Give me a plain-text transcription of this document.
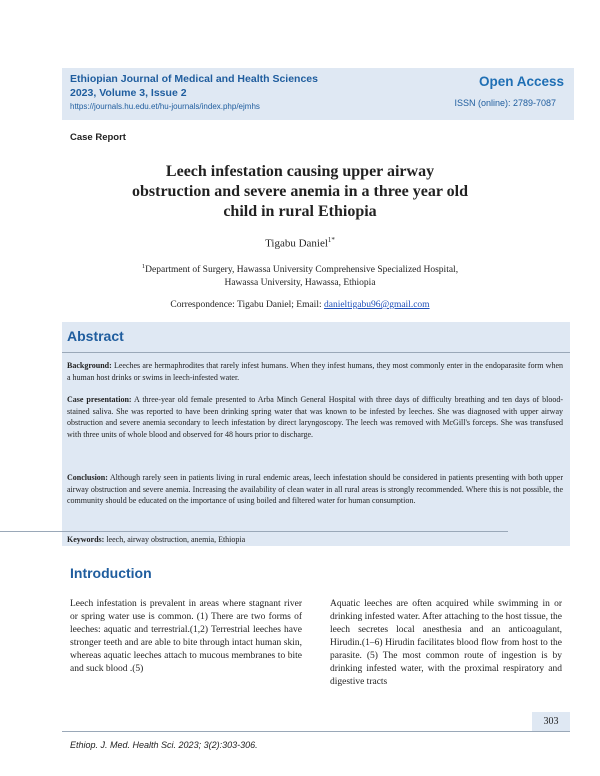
Ethiopian Journal of Medical and Health Sciences
2023, Volume 3, Issue 2
https://journals.hu.edu.et/hu-journals/index.php/ejmhs
Open Access
ISSN (online): 2789-7087
Case Report
Leech infestation causing upper airway
obstruction and severe anemia in a three year old
child in rural Ethiopia
Tigabu Daniel$^{1*}$
$^1$Department of Surgery, Hawassa University Comprehensive Specialized Hospital,
Hawassa University, Hawassa, Ethiopia
Correspondence: Tigabu Daniel; Email: danieltigabu96@gmail.com
Abstract
Background: Leeches are hermaphrodites that rarely infest humans. When they infest humans, they most commonly enter in the endoparasite form when a human host drinks or swims in leech-infested water.
Case presentation: A three-year old female presented to Arba Minch General Hospital with three days of difficulty breathing and ten days of blood-stained saliva. She was reported to have been drinking spring water that was known to be infested by leeches. She was diagnosed with upper airway obstruction and severe anemia secondary to leech infestation by direct laryngoscopy. The leech was removed with McGill's forceps. She was transfused with three units of whole blood and observed for 48 hours prior to discharge.
Conclusion: Although rarely seen in patients living in rural endemic areas, leech infestation should be considered in patients presenting with both upper airway obstruction and severe anemia. Increasing the availability of clean water in all rural areas is strongly recommended. Where this is not possible, the community should be educated on the importance of using boiled and filtered water for human consumption.
Keywords: leech, airway obstruction, anemia, Ethiopia
Introduction
Leech infestation is prevalent in areas where stagnant river or spring water use is common. (1) There are two forms of leeches: aquatic and terrestrial.(1,2) Terrestrial leeches have stronger teeth and are able to bite through intact human skin, whereas aquatic leeches attach to mucous membranes to bite and suck blood .(5)
Aquatic leeches are often acquired while swimming in or drinking infested water. After attaching to the host tissue, the leech secretes local anesthesia and an anticoagulant, Hirudin.(1–6) Hirudin facilitates blood flow from host to the parasite. (5) The most common route of ingestion is by drinking infested water, with the proximal respiratory and digestive tracts
303
Ethiop. J. Med. Health Sci. 2023; 3(2):303-306.
